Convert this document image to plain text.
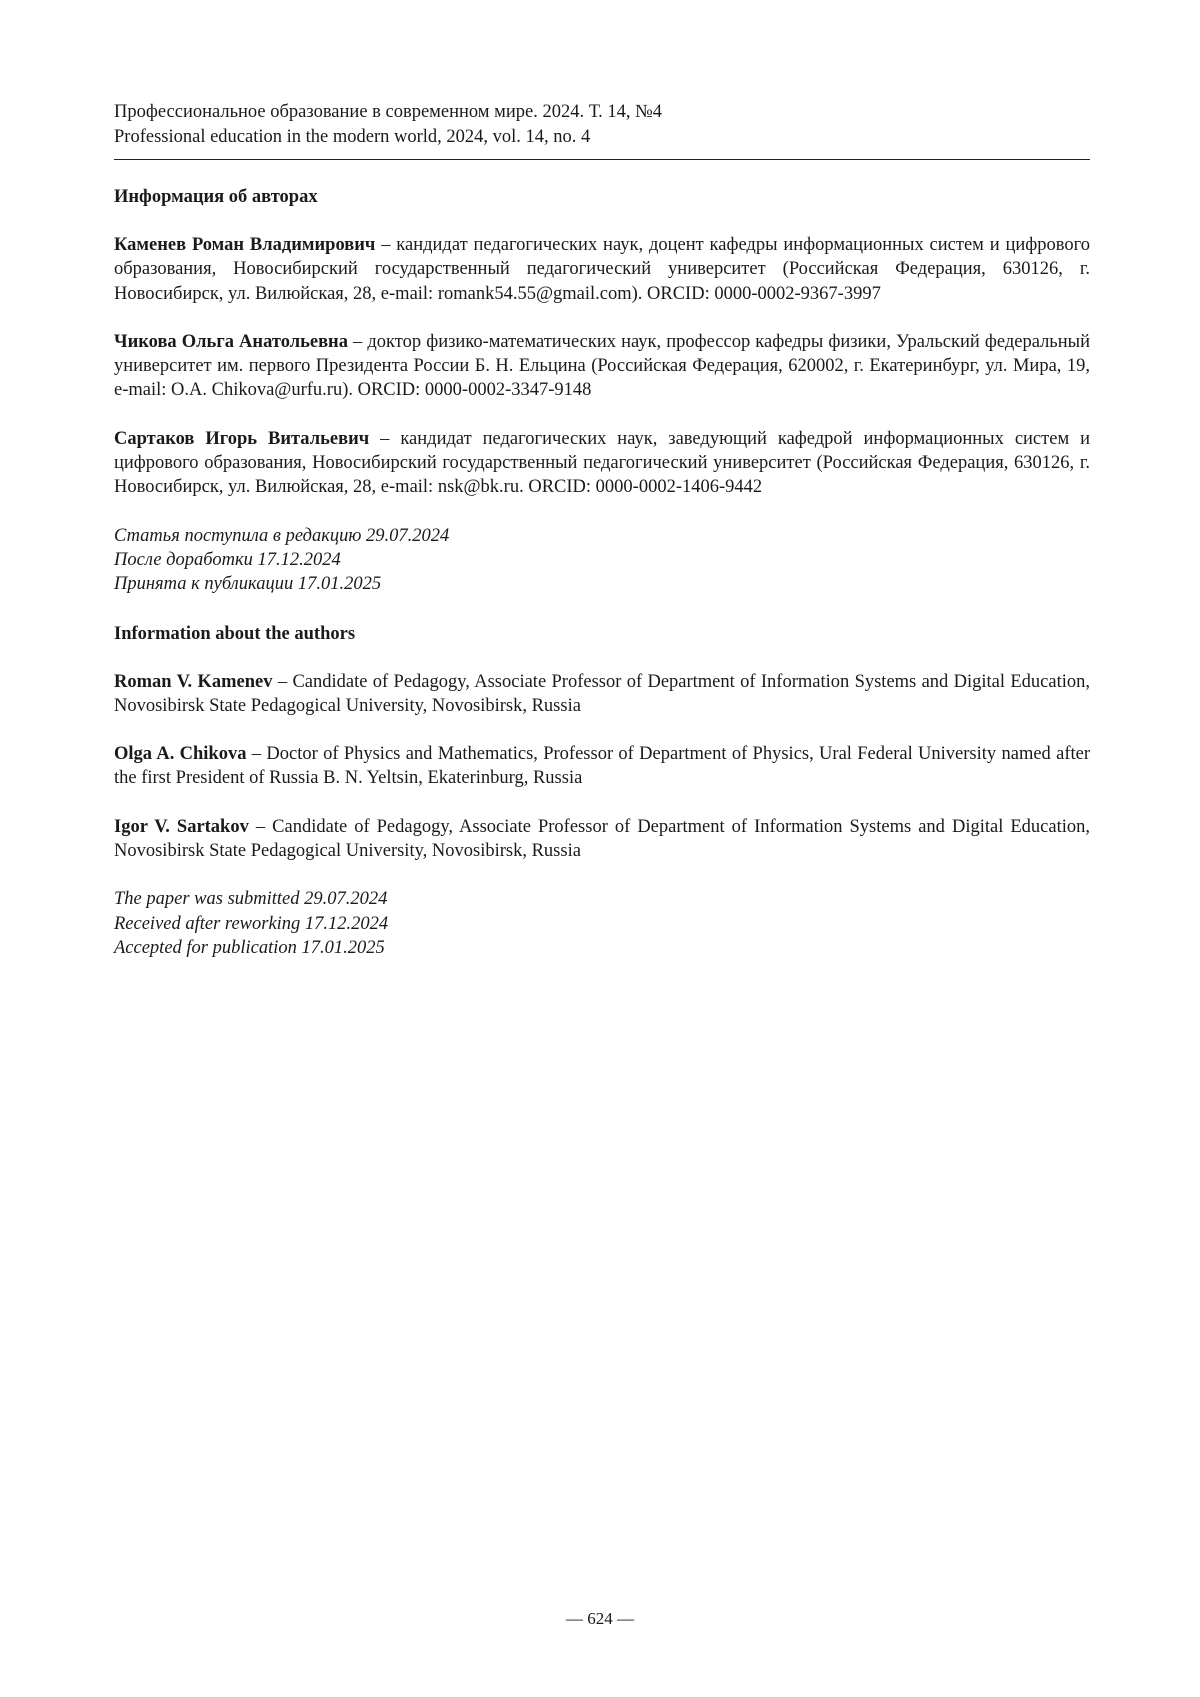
Профессиональное образование в современном мире. 2024. Т. 14, №4
Professional education in the modern world, 2024, vol. 14, no. 4
Информация об авторах

Каменев Роман Владимирович – кандидат педагогических наук, доцент кафедры информационных систем и цифрового образования, Новосибирский государственный педагогический университет (Российская Федерация, 630126, г. Новосибирск, ул. Вилюйская, 28, e-mail: romank54.55@gmail.com). ORCID: 0000-0002-9367-3997

Чикова Ольга Анатольевна – доктор физико-математических наук, профессор кафедры физики, Уральский федеральный университет им. первого Президента России Б. Н. Ельцина (Российская Федерация, 620002, г. Екатеринбург, ул. Мира, 19, e-mail: O.A. Chikova@urfu.ru). ORCID: 0000-0002-3347-9148

Сартаков Игорь Витальевич – кандидат педагогических наук, заведующий кафедрой информационных систем и цифрового образования, Новосибирский государственный педагогический университет (Российская Федерация, 630126, г. Новосибирск, ул. Вилюйская, 28, e-mail: nsk@bk.ru. ORCID: 0000-0002-1406-9442

Статья поступила в редакцию 29.07.2024
После доработки 17.12.2024
Принята к публикации 17.01.2025
Information about the authors

Roman V. Kamenev – Candidate of Pedagogy, Associate Professor of Department of Information Systems and Digital Education, Novosibirsk State Pedagogical University, Novosibirsk, Russia

Olga A. Chikova – Doctor of Physics and Mathematics, Professor of Department of Physics, Ural Federal University named after the first President of Russia B. N. Yeltsin, Ekaterinburg, Russia

Igor V. Sartakov – Candidate of Pedagogy, Associate Professor of Department of Information Systems and Digital Education, Novosibirsk State Pedagogical University, Novosibirsk, Russia

The paper was submitted 29.07.2024
Received after reworking 17.12.2024
Accepted for publication 17.01.2025
— 624 —
